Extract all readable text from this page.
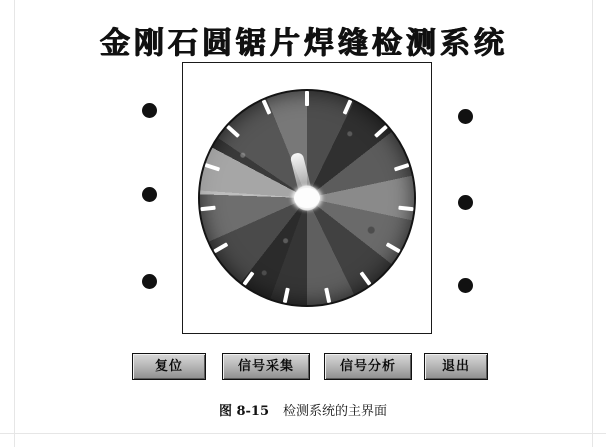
金刚石圆锯片焊缝检测系统
复位	信号采集	信号分析	退出
图 8-15 检测系统的主界面
